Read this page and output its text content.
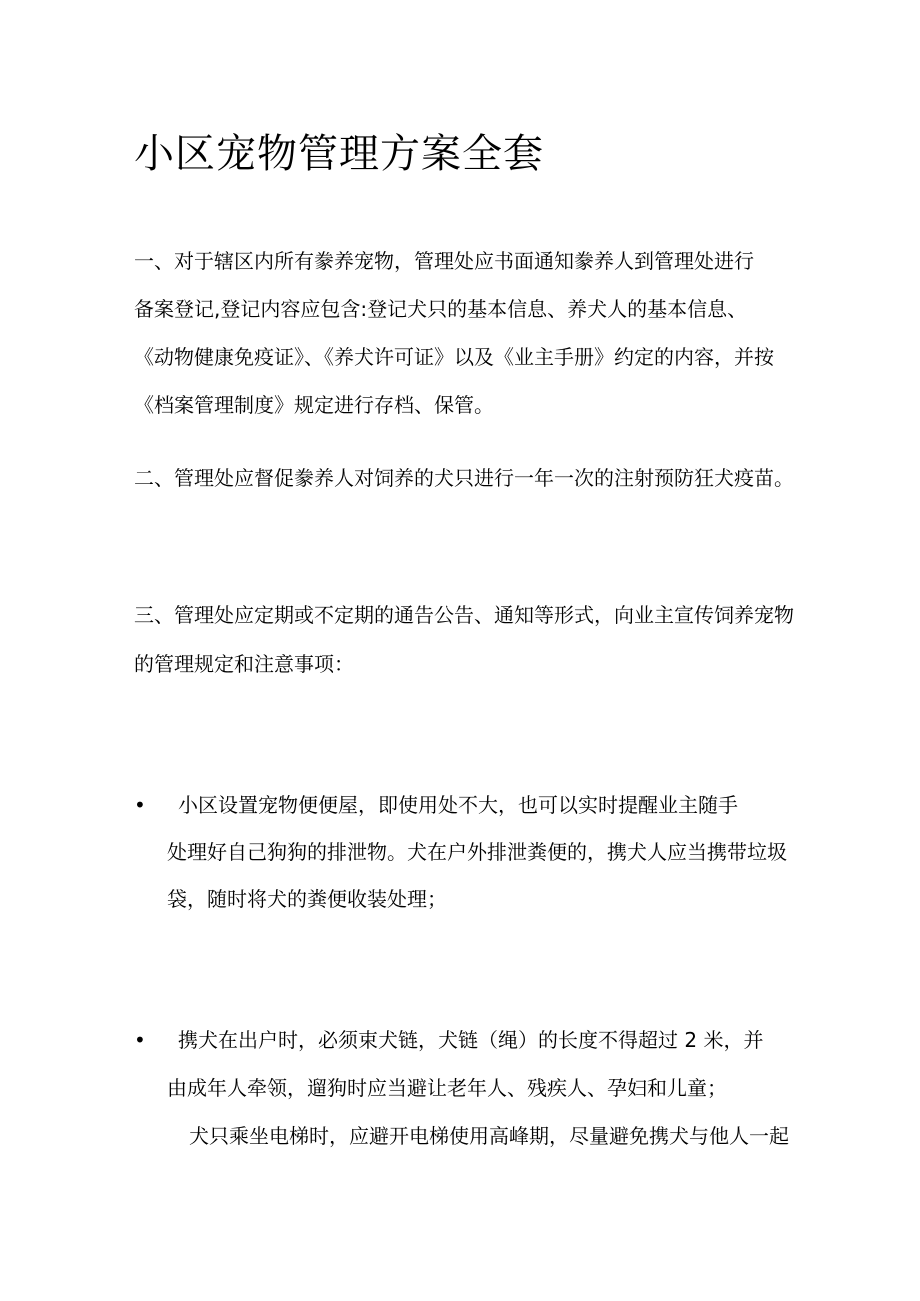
小区宠物管理方案全套

一、对于辖区内所有豢养宠物，管理处应书面通知豢养人到管理处进行

备案登记,登记内容应包含:登记犬只的基本信息、养犬人的基本信息、

《动物健康免疫证》、《养犬许可证》以及《业主手册》约定的内容，并按

《档案管理制度》规定进行存档、保管。

二、管理处应督促豢养人对饲养的犬只进行一年一次的注射预防狂犬疫苗。

三、管理处应定期或不定期的通告公告、通知等形式，向业主宣传饲养宠物

的管理规定和注意事项：

• 小区设置宠物便便屋，即使用处不大，也可以实时提醒业主随手

处理好自己狗狗的排泄物。犬在户外排泄粪便的，携犬人应当携带垃圾

袋，随时将犬的粪便收装处理；

• 携犬在出户时，必须束犬链，犬链（绳）的长度不得超过 2 米，并

由成年人牵领，遛狗时应当避让老年人、残疾人、孕妇和儿童；

犬只乘坐电梯时，应避开电梯使用高峰期，尽量避免携犬与他人一起
